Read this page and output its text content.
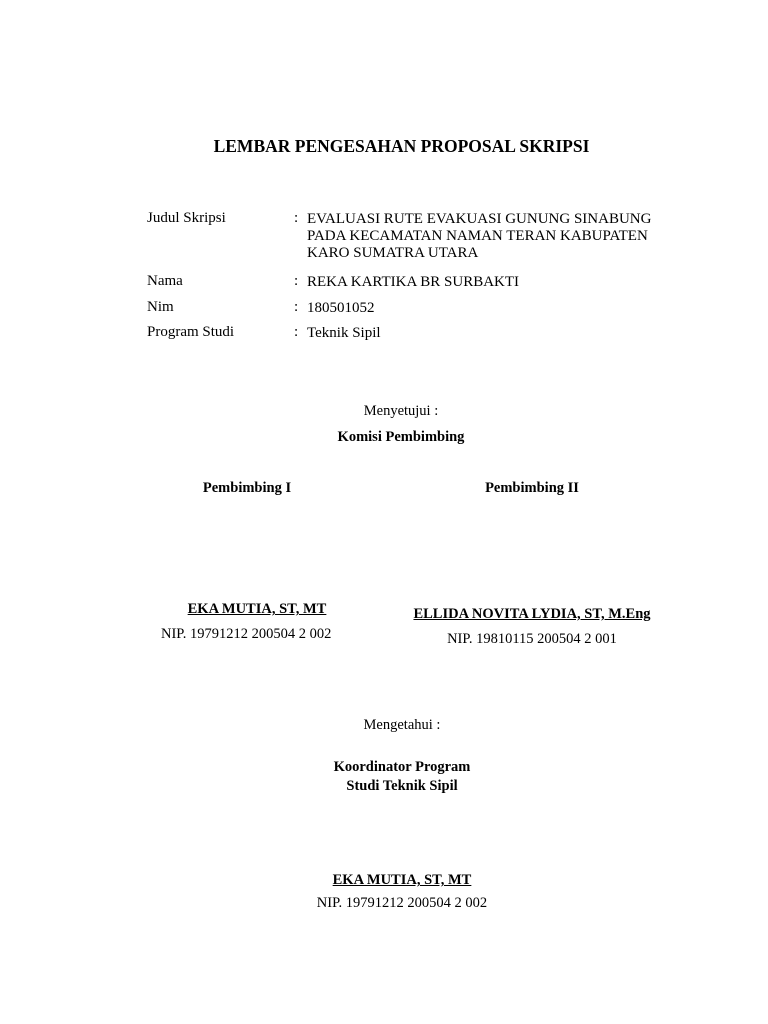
LEMBAR PENGESAHAN PROPOSAL SKRIPSI
Judul Skripsi	: EVALUASI RUTE EVAKUASI GUNUNG SINABUNG
PADA KECAMATAN NAMAN TERAN KABUPATEN
KARO SUMATRA UTARA
Nama	: REKA KARTIKA BR SURBAKTI
Nim	: 180501052
Program Studi	: Teknik Sipil
Menyetujui :
Komisi Pembimbing
Pembimbing I	Pembimbing II
EKA MUTIA, ST, MT
NIP. 19791212 200504 2 002
ELLIDA NOVITA LYDIA, ST, M.Eng
NIP. 19810115 200504 2 001
Mengetahui :
Koordinator Program
Studi Teknik Sipil
EKA MUTIA, ST, MT
NIP. 19791212 200504 2 002
